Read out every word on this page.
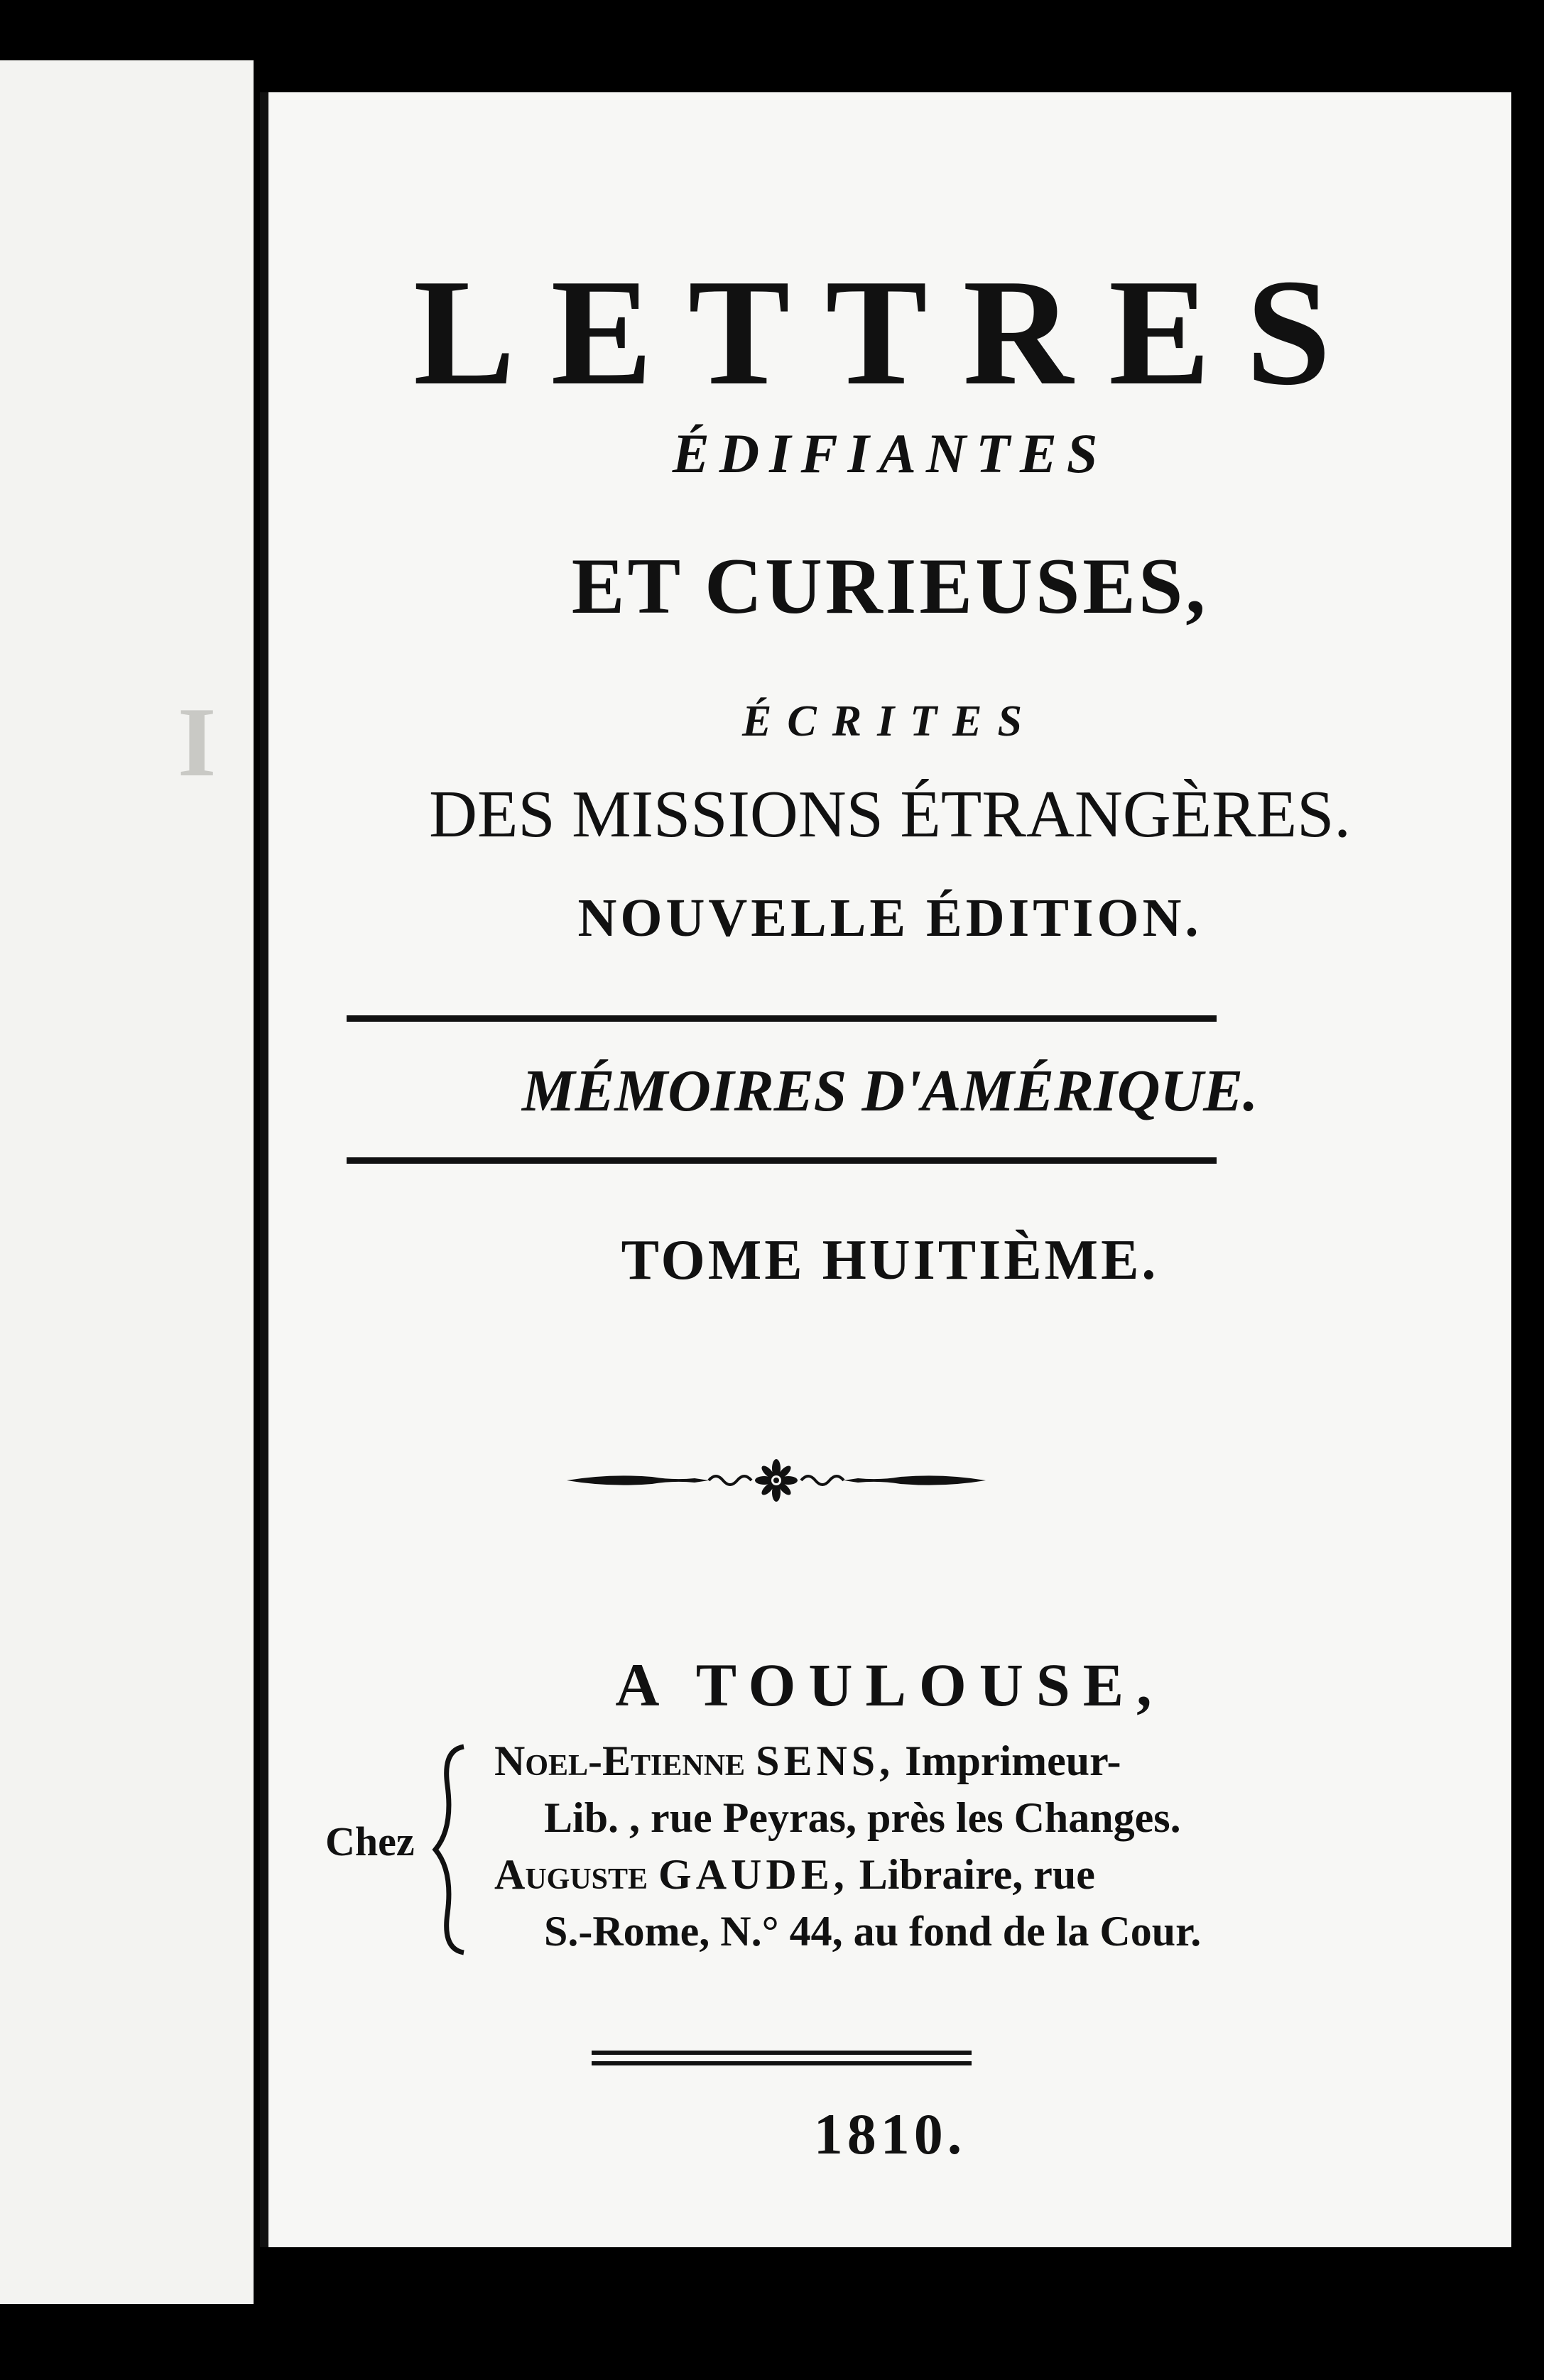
I
LETTRES
ÉDIFIANTES
ET CURIEUSES,
ÉCRITES
DES MISSIONS ÉTRANGÈRES.
NOUVELLE ÉDITION.
MÉMOIRES D'AMÉRIQUE.
TOME HUITIÈME.
A TOULOUSE,
Chez
Noel-Etienne SENS, Imprimeur-
Lib. , rue Peyras, près les Changes.
Auguste GAUDE, Libraire, rue
S.-Rome, N.° 44, au fond de la Cour.
1810.
